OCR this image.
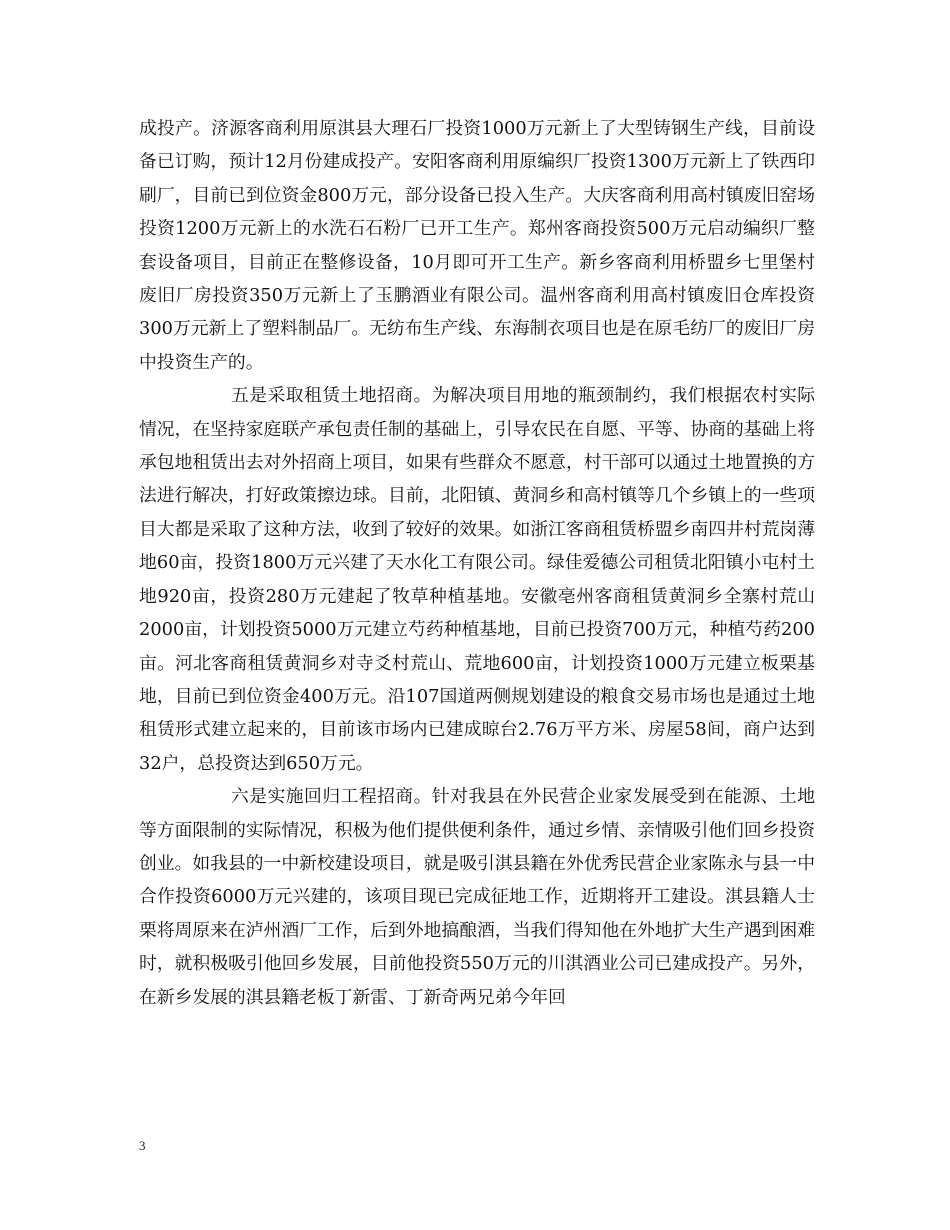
成投产。济源客商利用原淇县大理石厂投资1000万元新上了大型铸钢生产线，目前设备已订购，预计12月份建成投产。安阳客商利用原编织厂投资1300万元新上了铁西印刷厂，目前已到位资金800万元，部分设备已投入生产。大庆客商利用高村镇废旧窑场投资1200万元新上的水洗石石粉厂已开工生产。郑州客商投资500万元启动编织厂整套设备项目，目前正在整修设备，10月即可开工生产。新乡客商利用桥盟乡七里堡村废旧厂房投资350万元新上了玉鹏酒业有限公司。温州客商利用高村镇废旧仓库投资300万元新上了塑料制品厂。无纺布生产线、东海制衣项目也是在原毛纺厂的废旧厂房中投资生产的。

五是采取租赁土地招商。为解决项目用地的瓶颈制约，我们根据农村实际情况，在坚持家庭联产承包责任制的基础上，引导农民在自愿、平等、协商的基础上将承包地租赁出去对外招商上项目，如果有些群众不愿意，村干部可以通过土地置换的方法进行解决，打好政策擦边球。目前，北阳镇、黄洞乡和高村镇等几个乡镇上的一些项目大都是采取了这种方法，收到了较好的效果。如浙江客商租赁桥盟乡南四井村荒岗薄地60亩，投资1800万元兴建了天水化工有限公司。绿佳爱德公司租赁北阳镇小屯村土地920亩，投资280万元建起了牧草种植基地。安徽亳州客商租赁黄洞乡全寨村荒山2000亩，计划投资5000万元建立芍药种植基地，目前已投资700万元，种植芍药200亩。河北客商租赁黄洞乡对寺爻村荒山、荒地600亩，计划投资1000万元建立板栗基地，目前已到位资金400万元。沿107国道两侧规划建设的粮食交易市场也是通过土地租赁形式建立起来的，目前该市场内已建成晾台2.76万平方米、房屋58间，商户达到32户，总投资达到650万元。

六是实施回归工程招商。针对我县在外民营企业家发展受到在能源、土地等方面限制的实际情况，积极为他们提供便利条件，通过乡情、亲情吸引他们回乡投资创业。如我县的一中新校建设项目，就是吸引淇县籍在外优秀民营企业家陈永与县一中合作投资6000万元兴建的，该项目现已完成征地工作，近期将开工建设。淇县籍人士栗将周原来在泸州酒厂工作，后到外地搞酿酒，当我们得知他在外地扩大生产遇到困难时，就积极吸引他回乡发展，目前他投资550万元的川淇酒业公司已建成投产。另外，在新乡发展的淇县籍老板丁新雷、丁新奇两兄弟今年回

3
